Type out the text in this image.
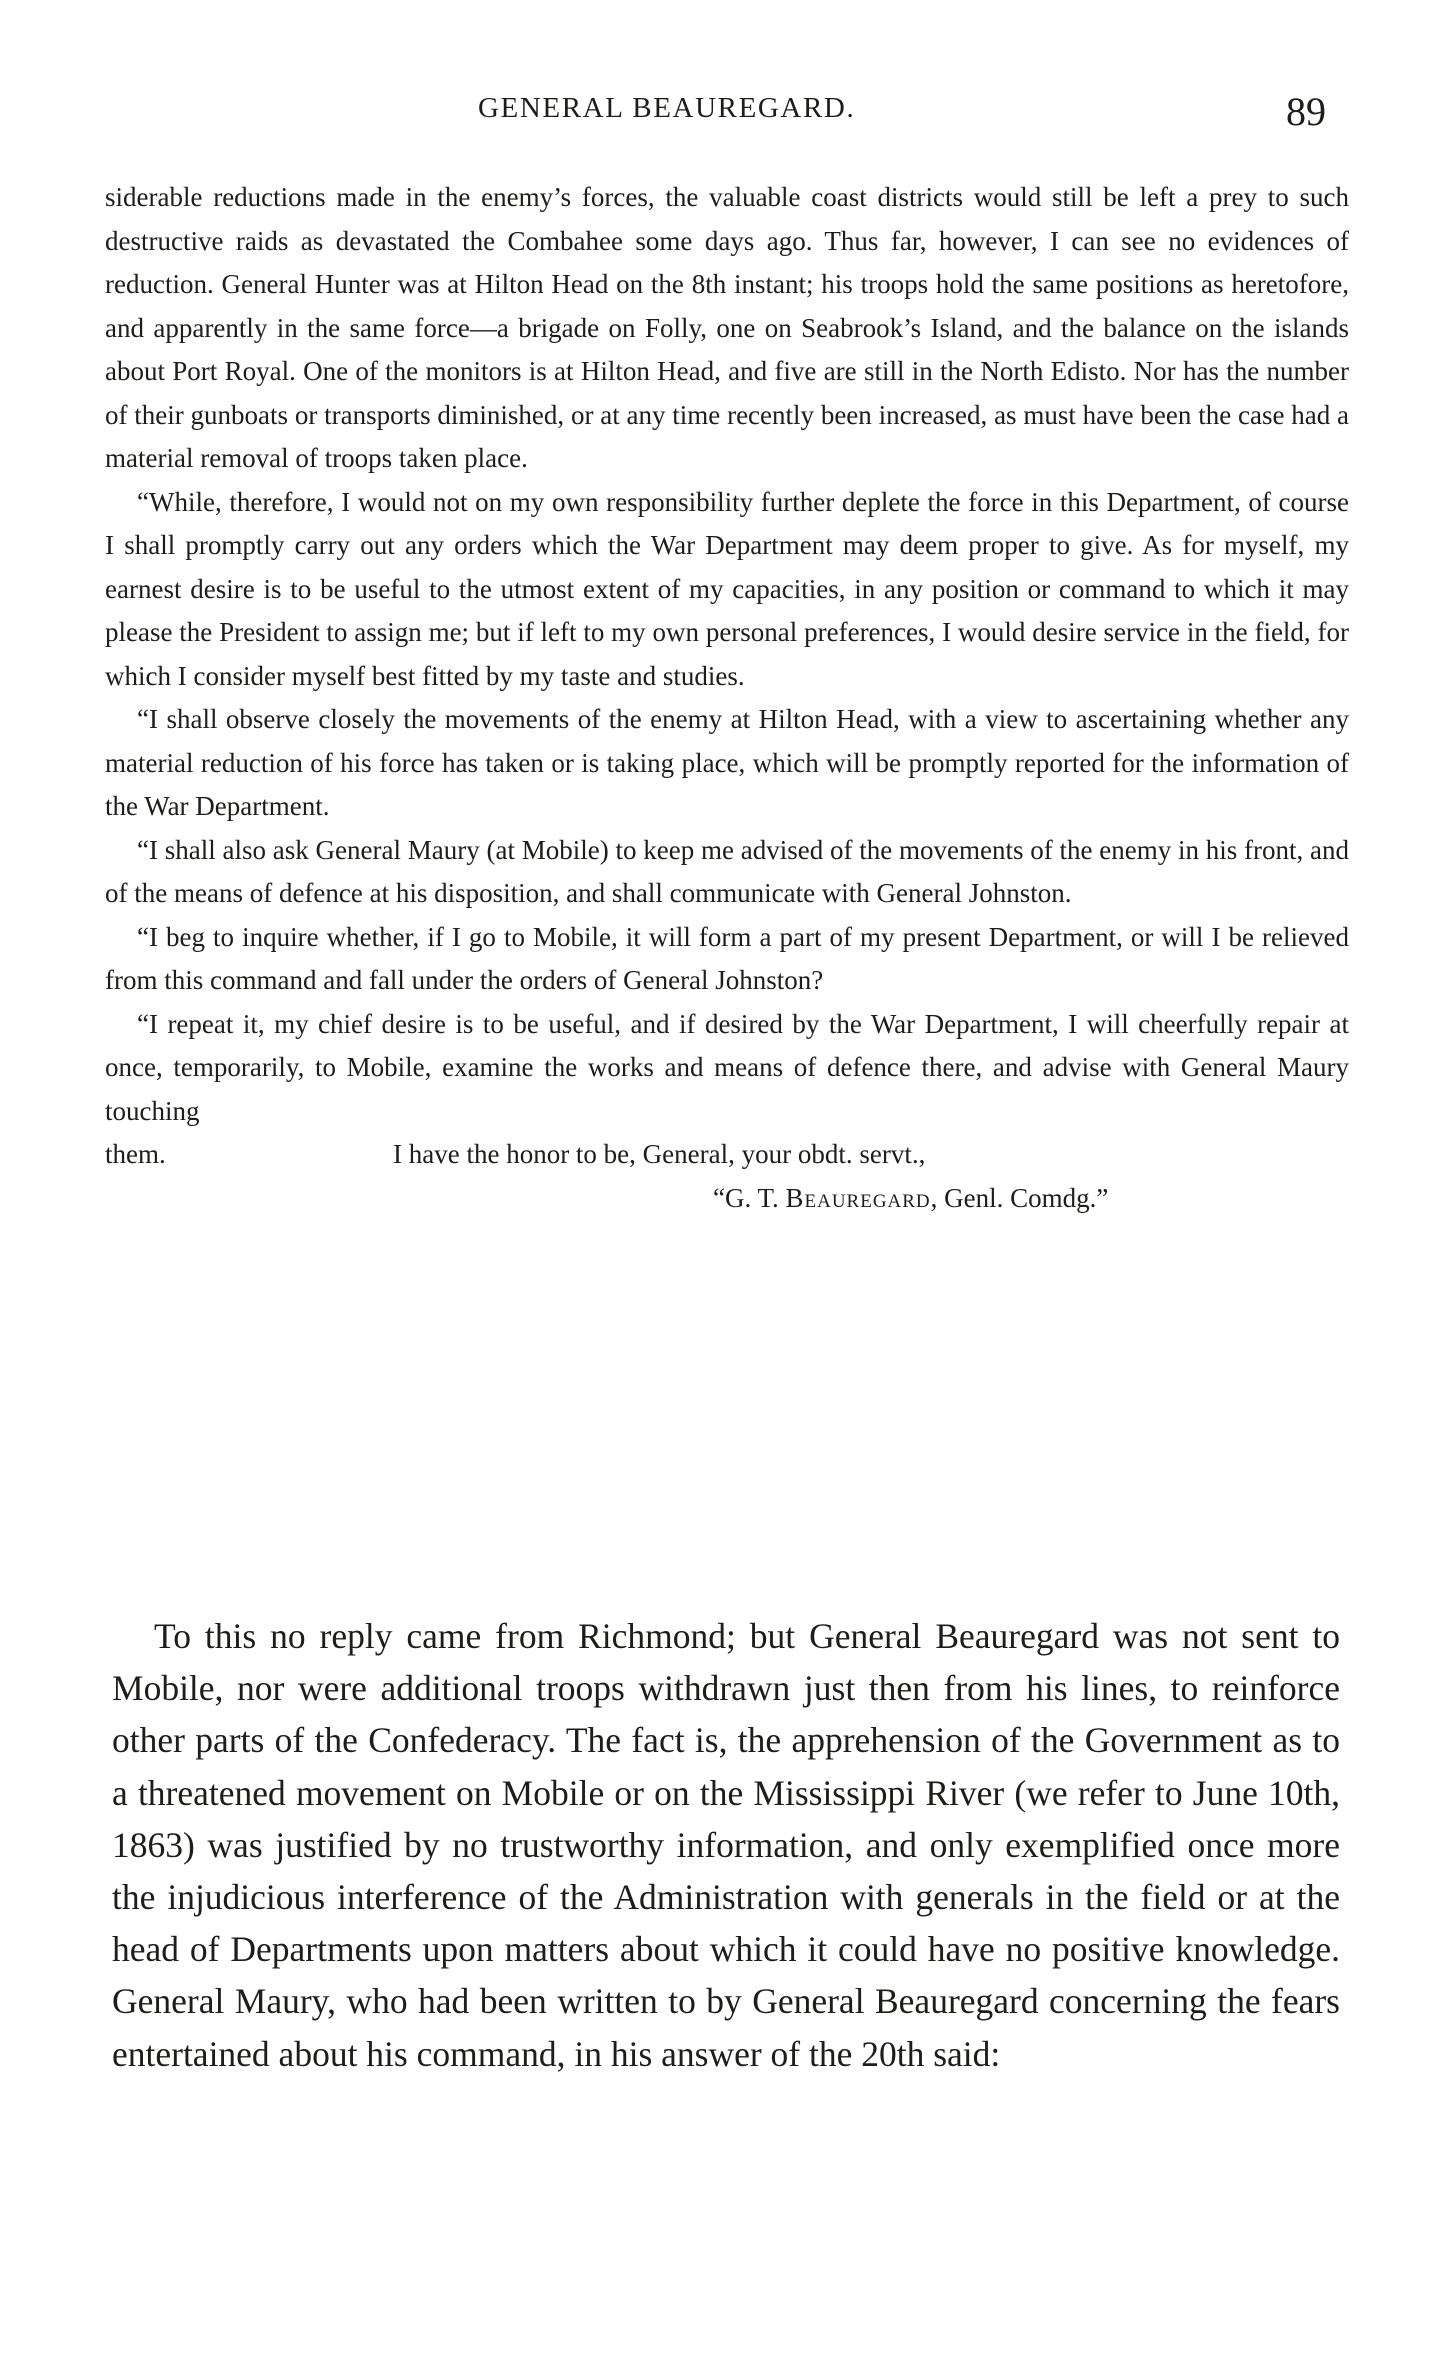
GENERAL BEAUREGARD.	89

siderable reductions made in the enemy’s forces, the valuable coast districts would still be left a prey to such destructive raids as devastated the Combahee some days ago. Thus far, however, I can see no evidences of reduction. General Hunter was at Hilton Head on the 8th instant; his troops hold the same positions as heretofore, and apparently in the same force—a brigade on Folly, one on Seabrook’s Island, and the balance on the islands about Port Royal. One of the monitors is at Hilton Head, and five are still in the North Edisto. Nor has the number of their gunboats or transports diminished, or at any time recently been increased, as must have been the case had a material removal of troops taken place.

“While, therefore, I would not on my own responsibility further deplete the force in this Department, of course I shall promptly carry out any orders which the War Department may deem proper to give. As for myself, my earnest desire is to be useful to the utmost extent of my capacities, in any position or command to which it may please the President to assign me; but if left to my own personal preferences, I would desire service in the field, for which I consider myself best fitted by my taste and studies.

“I shall observe closely the movements of the enemy at Hilton Head, with a view to ascertaining whether any material reduction of his force has taken or is taking place, which will be promptly reported for the information of the War Department.

“I shall also ask General Maury (at Mobile) to keep me advised of the movements of the enemy in his front, and of the means of defence at his disposition, and shall communicate with General Johnston.

“I beg to inquire whether, if I go to Mobile, it will form a part of my present Department, or will I be relieved from this command and fall under the orders of General Johnston?

“I repeat it, my chief desire is to be useful, and if desired by the War Department, I will cheerfully repair at once, temporarily, to Mobile, examine the works and means of defence there, and advise with General Maury touching

them.	I have the honor to be, General, your obdt. servt.,
“G. T. Beauregard, Genl. Comdg.”

To this no reply came from Richmond; but General Beauregard was not sent to Mobile, nor were additional troops withdrawn just then from his lines, to reinforce other parts of the Confederacy. The fact is, the apprehension of the Government as to a threatened movement on Mobile or on the Mississippi River (we refer to June 10th, 1863) was justified by no trustworthy information, and only exemplified once more the injudicious interference of the Administration with generals in the field or at the head of Departments upon matters about which it could have no positive knowledge. General Maury, who had been written to by General Beauregard concerning the fears entertained about his command, in his answer of the 20th said:
